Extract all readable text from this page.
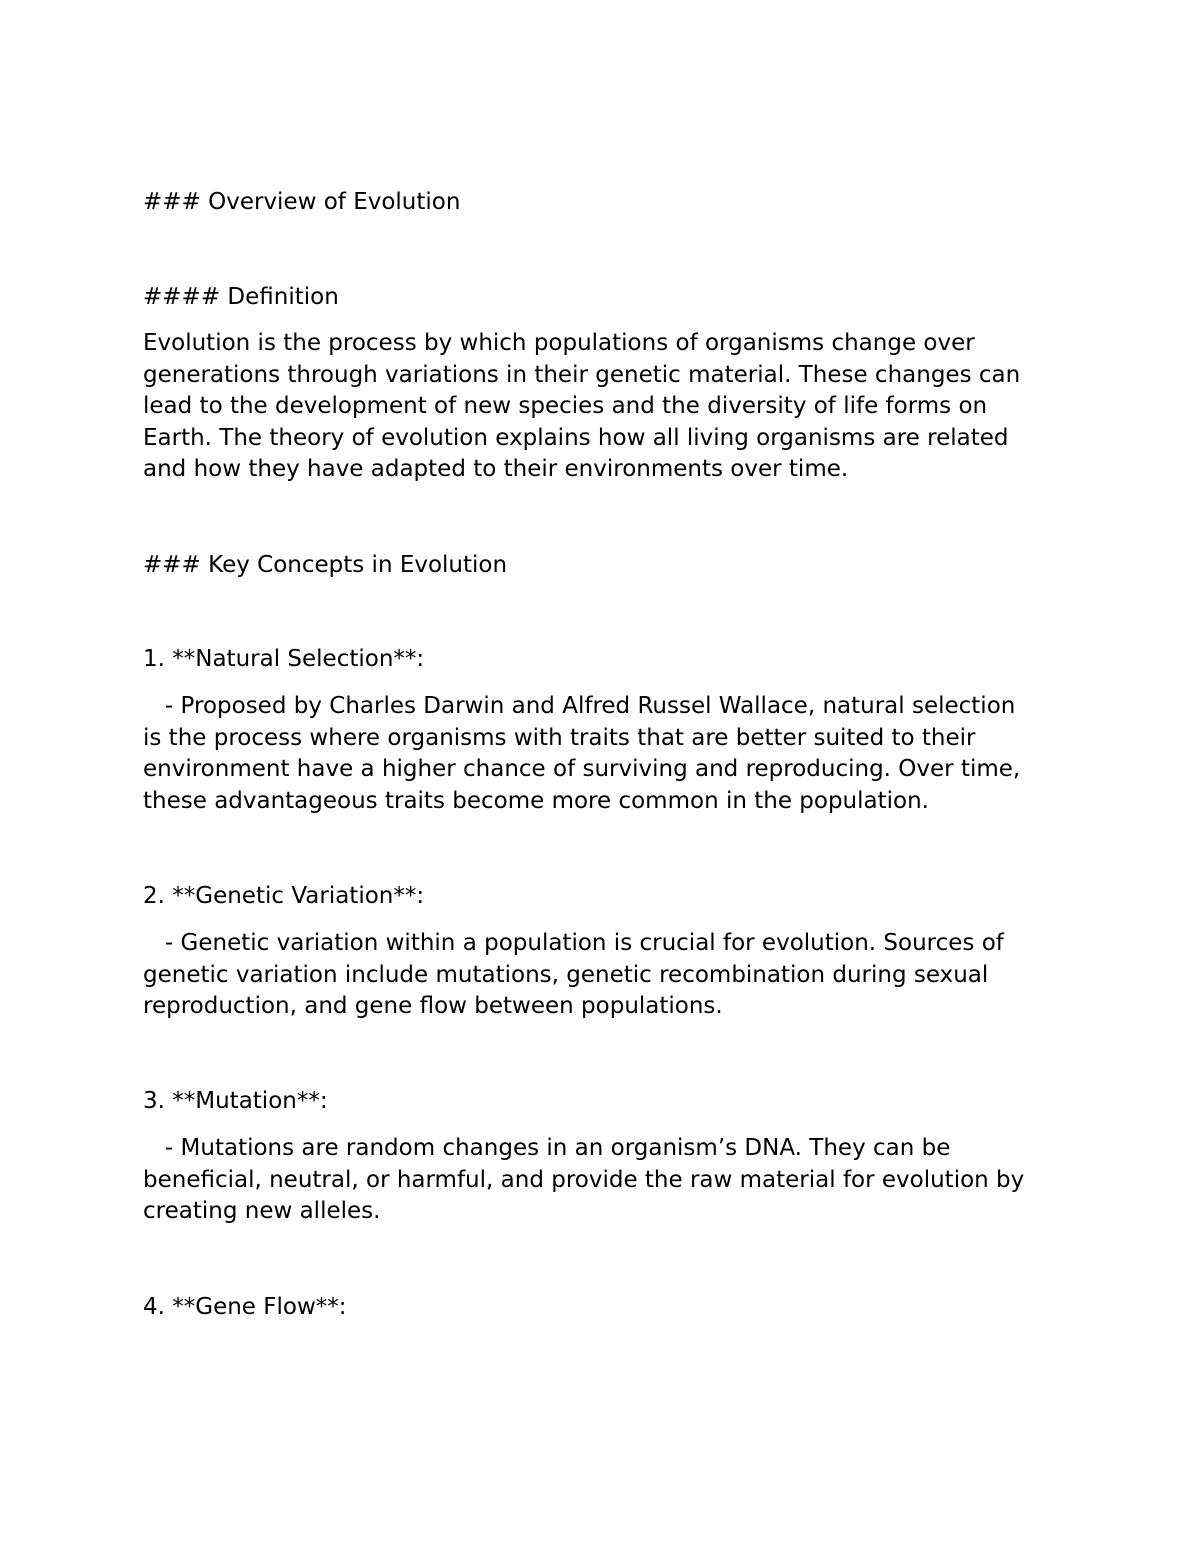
### Overview of Evolution

#### Definition

Evolution is the process by which populations of organisms change over
generations through variations in their genetic material. These changes can
lead to the development of new species and the diversity of life forms on
Earth. The theory of evolution explains how all living organisms are related
and how they have adapted to their environments over time.

### Key Concepts in Evolution

1. **Natural Selection**:

- Proposed by Charles Darwin and Alfred Russel Wallace, natural selection
is the process where organisms with traits that are better suited to their
environment have a higher chance of surviving and reproducing. Over time,
these advantageous traits become more common in the population.

2. **Genetic Variation**:

- Genetic variation within a population is crucial for evolution. Sources of
genetic variation include mutations, genetic recombination during sexual
reproduction, and gene flow between populations.

3. **Mutation**:

- Mutations are random changes in an organism’s DNA. They can be
beneficial, neutral, or harmful, and provide the raw material for evolution by
creating new alleles.

4. **Gene Flow**:
